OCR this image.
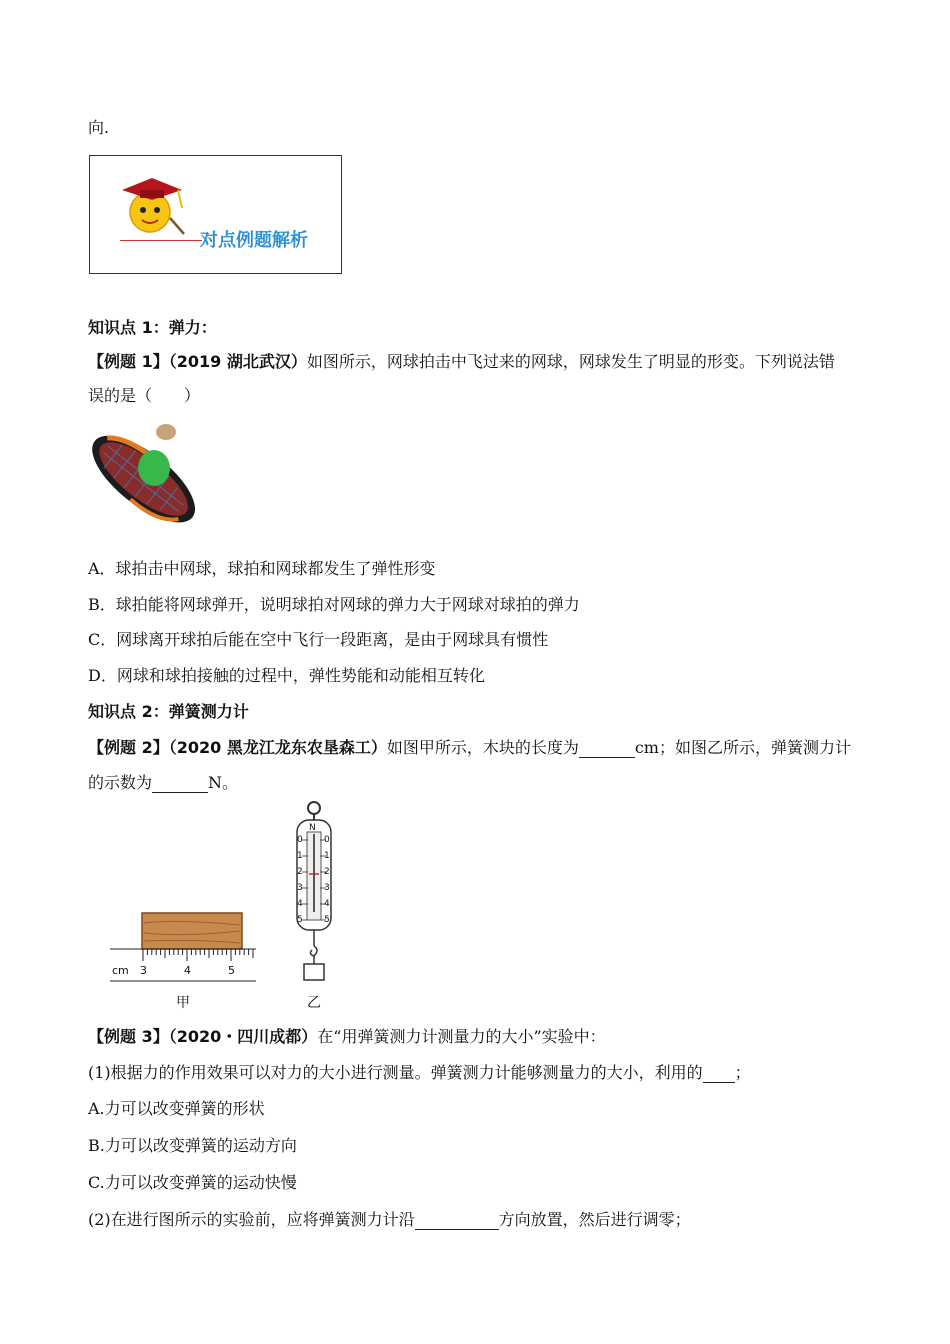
向.
对点例题解析
知识点 1：弹力：
【例题 1】（2019 湖北武汉）如图所示，网球拍击中飞过来的网球，网球发生了明显的形变。下列说法错
误的是（　　）
A．球拍击中网球，球拍和网球都发生了弹性形变
B．球拍能将网球弹开，说明球拍对网球的弹力大于网球对球拍的弹力
C．网球离开球拍后能在空中飞行一段距离，是由于网球具有惯性
D．网球和球拍接触的过程中，弹性势能和动能相互转化
知识点 2：弹簧测力计
【例题 2】（2020 黑龙江龙东农垦森工）如图甲所示，木块的长度为	cm；如图乙所示，弹簧测力计
的示数为	N。
cm 3	4	5
甲
N
0
1
2
3
4
5
0
1
2
3
4
5
乙
【例题 3】（2020・四川成都）在“用弹簧测力计测量力的大小”实验中：
(1)根据力的作用效果可以对力的大小进行测量。弹簧测力计能够测量力的大小，利用的 ；
A.力可以改变弹簧的形状
B.力可以改变弹簧的运动方向
C.力可以改变弹簧的运动快慢
(2)在进行图所示的实验前，应将弹簧测力计沿	方向放置，然后进行调零；
